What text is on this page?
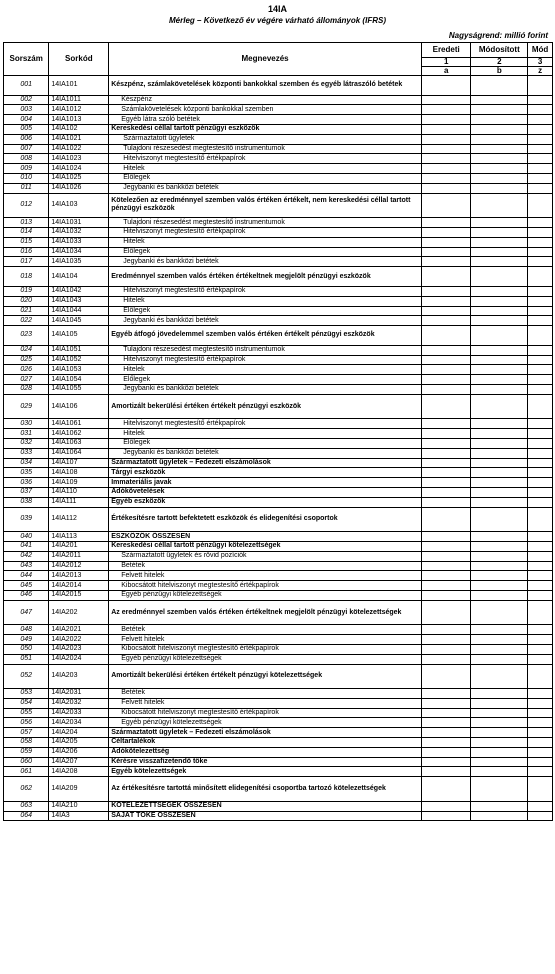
14IA
Mérleg – Következő év végére várható állományok (IFRS)
Nagyságrend: millió forint
Sorszám	Sorkód	Megnevezés	Eredeti	Módosított	Mód
			1	2	3
			a	b	z
001	14IA101	Készpénz, számlakövetelések központi bankokkal szemben és egyéb látraszóló betétek			
002	14IA1011	Készpénz			
003	14IA1012	Számlakövetelések központi bankokkal szemben			
004	14IA1013	Egyéb látra szóló betétek			
005	14IA102	Kereskedési céllal tartott pénzügyi eszközök			
006	14IA1021	Származtatott ügyletek			
007	14IA1022	Tulajdoni részesedést megtestesítő instrumentumok			
008	14IA1023	Hitelviszonyt megtestesítő értékpapírok			
009	14IA1024	Hitelek			
010	14IA1025	Előlegek			
011	14IA1026	Jegybanki és bankközi betétek			
012	14IA103	Kötelezően az eredménnyel szemben valós értéken értékelt, nem kereskedési céllal tartott pénzügyi eszközök			
013	14IA1031	Tulajdoni részesedést megtestesítő instrumentumok			
014	14IA1032	Hitelviszonyt megtestesítő értékpapírok			
015	14IA1033	Hitelek			
016	14IA1034	Előlegek			
017	14IA1035	Jegybanki és bankközi betétek			
018	14IA104	Eredménnyel szemben valós értéken értékeltnek megjelölt pénzügyi eszközök			
019	14IA1042	Hitelviszonyt megtestesítő értékpapírok			
020	14IA1043	Hitelek			
021	14IA1044	Előlegek			
022	14IA1045	Jegybanki és bankközi betétek			
023	14IA105	Egyéb átfogó jövedelemmel szemben valós értéken értékelt pénzügyi eszközök			
024	14IA1051	Tulajdoni részesedést megtestesítő instrumentumok			
025	14IA1052	Hitelviszonyt megtestesítő értékpapírok			
026	14IA1053	Hitelek			
027	14IA1054	Előlegek			
028	14IA1055	Jegybanki és bankközi betétek			
029	14IA106	Amortizált bekerülési értéken értékelt pénzügyi eszközök			
030	14IA1061	Hitelviszonyt megtestesítő értékpapírok			
031	14IA1062	Hitelek			
032	14IA1063	Előlegek			
033	14IA1064	Jegybanki és bankközi betétek			
034	14IA107	Származtatott ügyletek – Fedezeti elszámolások			
035	14IA108	Tárgyi eszközök			
036	14IA109	Immateriális javak			
037	14IA110	Adókövetelések			
038	14IA111	Egyéb eszközök			
039	14IA112	Értékesítésre tartott befektetett eszközök és elidegenítési csoportok			
040	14IA113	ESZKÖZÖK ÖSSZESEN			
041	14IA201	Kereskedési céllal tartott pénzügyi kötelezettségek			
042	14IA2011	Származtatott ügyletek és rövid pozíciók			
043	14IA2012	Betétek			
044	14IA2013	Felvett hitelek			
045	14IA2014	Kibocsátott hitelviszonyt megtestesítő értékpapírok			
046	14IA2015	Egyéb pénzügyi kötelezettségek			
047	14IA202	Az eredménnyel szemben valós értéken értékeltnek megjelölt pénzügyi kötelezettségek			
048	14IA2021	Betétek			
049	14IA2022	Felvett hitelek			
050	14IA2023	Kibocsátott hitelviszonyt megtestesítő értékpapírok			
051	14IA2024	Egyéb pénzügyi kötelezettségek			
052	14IA203	Amortizált bekerülési értéken értékelt pénzügyi kötelezettségek			
053	14IA2031	Betétek			
054	14IA2032	Felvett hitelek			
055	14IA2033	Kibocsátott hitelviszonyt megtestesítő értékpapírok			
056	14IA2034	Egyéb pénzügyi kötelezettségek			
057	14IA204	Származtatott ügyletek – Fedezeti elszámolások			
058	14IA205	Céltartalékok			
059	14IA206	Adókötelezettség			
060	14IA207	Kérésre visszafizetendő tőke			
061	14IA208	Egyéb kötelezettségek			
062	14IA209	Az értékesítésre tartottá minősített elidegenítési csoportba tartozó kötelezettségek			
063	14IA210	KÖTELEZETTSÉGEK ÖSSZESEN			
064	14IA3	SAJÁT TŐKE ÖSSZESEN			
